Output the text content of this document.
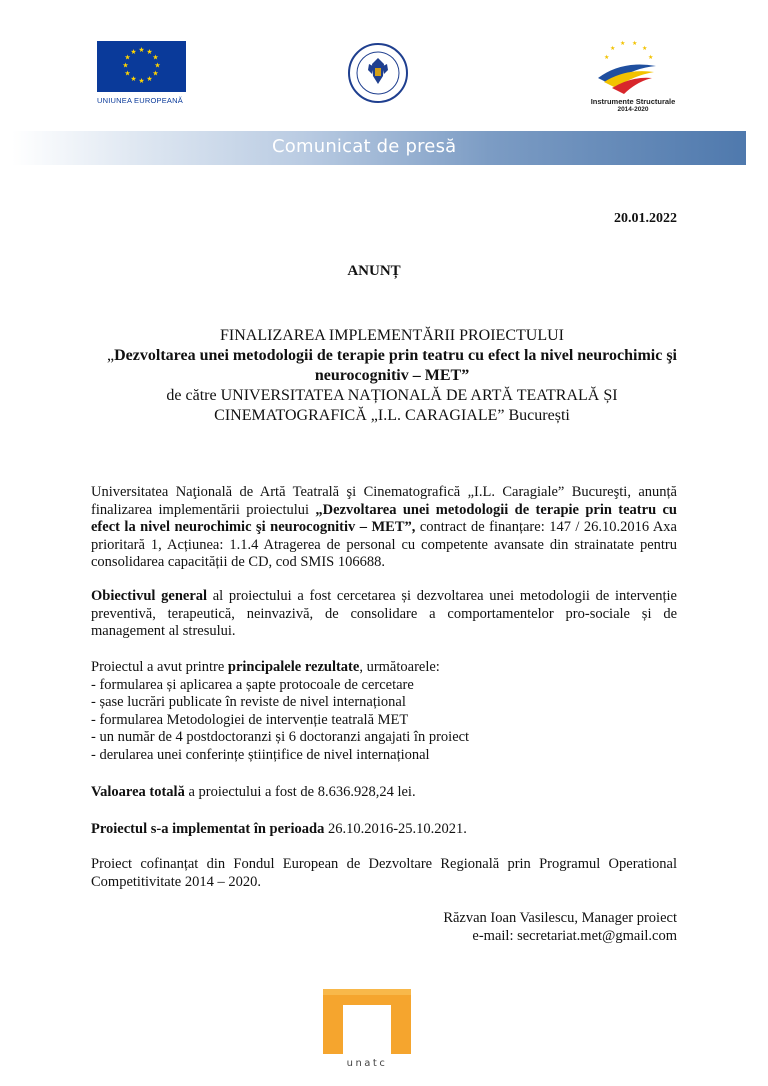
★ ★
★
★
★
★
★
★
★
★
★
★
UNIUNEA EUROPEANĂ
★
★ ★
★
★
★
Instrumente Structurale
2014-2020
Comunicat de presă
20.01.2022
ANUNȚ
FINALIZAREA IMPLEMENTĂRII PROIECTULUI
„Dezvoltarea unei metodologii de terapie prin teatru cu efect la nivel neurochimic şi neurocognitiv – MET”
de către UNIVERSITATEA NAȚIONALĂ DE ARTĂ TEATRALĂ ȘI CINEMATOGRAFICĂ „I.L. CARAGIALE” București
Universitatea Naţională de Artă Teatrală şi Cinematografică „I.L. Caragiale” Bucureşti, anunță finalizarea implementării proiectului „Dezvoltarea unei metodologii de terapie prin teatru cu efect la nivel neurochimic şi neurocognitiv – MET”, contract de finanțare: 147 / 26.10.2016 Axa prioritară 1, Acțiunea: 1.1.4 Atragerea de personal cu competente avansate din strainatate pentru consolidarea capacității de CD, cod SMIS 106688.
Obiectivul general al proiectului a fost cercetarea și dezvoltarea unei metodologii de intervenție preventivă, terapeutică, neinvazivă, de consolidare a comportamentelor pro-sociale și de management al stresului.
Proiectul a avut printre principalele rezultate, următoarele:
- formularea și aplicarea a șapte protocoale de cercetare
- șase lucrări publicate în reviste de nivel internațional
- formularea Metodologiei de intervenție teatrală MET
- un număr de 4 postdoctoranzi și 6 doctoranzi angajati în proiect
- derularea unei conferințe științifice de nivel internațional
Valoarea totală a proiectului a fost de 8.636.928,24 lei.
Proiectul s-a implementat în perioada 26.10.2016-25.10.2021.
Proiect cofinanțat din Fondul European de Dezvoltare Regională prin Programul Operational Competitivitate 2014 – 2020.
Răzvan Ioan Vasilescu, Manager proiect
e-mail: secretariat.met@gmail.com
unatc
